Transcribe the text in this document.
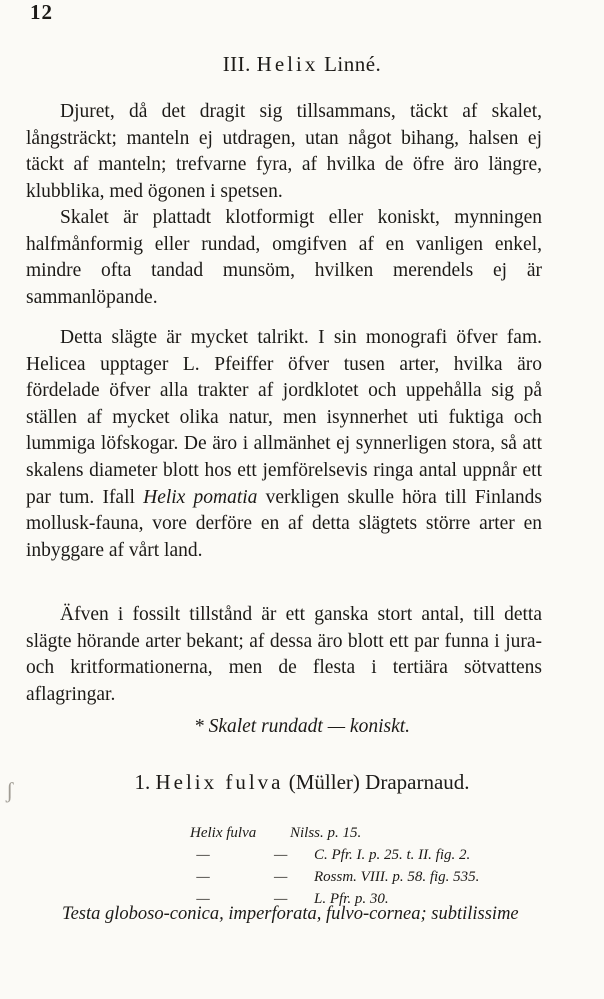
12
III. Helix Linné.
Djuret, då det dragit sig tillsammans, täckt af skalet, långsträckt; manteln ej utdragen, utan något bihang, halsen ej täckt af manteln; trefvarne fyra, af hvilka de öfre äro längre, klubblika, med ögonen i spetsen.
Skalet är plattadt klotformigt eller koniskt, mynningen halfmånformig eller rundad, omgifven af en vanligen enkel, mindre ofta tandad munsöm, hvilken merendels ej är sammanlöpande.
Detta slägte är mycket talrikt. I sin monografi öfver fam. Helicea upptager L. Pfeiffer öfver tusen arter, hvilka äro fördelade öfver alla trakter af jordklotet och uppehålla sig på ställen af mycket olika natur, men isynnerhet uti fuktiga och lummiga löfskogar. De äro i allmänhet ej synnerligen stora, så att skalens diameter blott hos ett jemförelsevis ringa antal uppnår ett par tum. Ifall Helix pomatia verkligen skulle höra till Finlands mollusk-fauna, vore derföre en af detta slägtets större arter en inbyggare af vårt land.
Äfven i fossilt tillstånd är ett ganska stort antal, till detta slägte hörande arter bekant; af dessa äro blott ett par funna i jura- och kritformationerna, men de flesta i tertiära sötvattens aflagringar.
* Skalet rundadt — koniskt.
1. Helix fulva (Müller) Draparnaud.
Helix fulva	Nilss. p. 15.
—	—	C. Pfr. I. p. 25. t. II. fig. 2.
—	—	Rossm. VIII. p. 58. fig. 535.
—	—	L. Pfr. p. 30.
Testa globoso-conica, imperforata, fulvo-cornea; subtilissime
ʃ
